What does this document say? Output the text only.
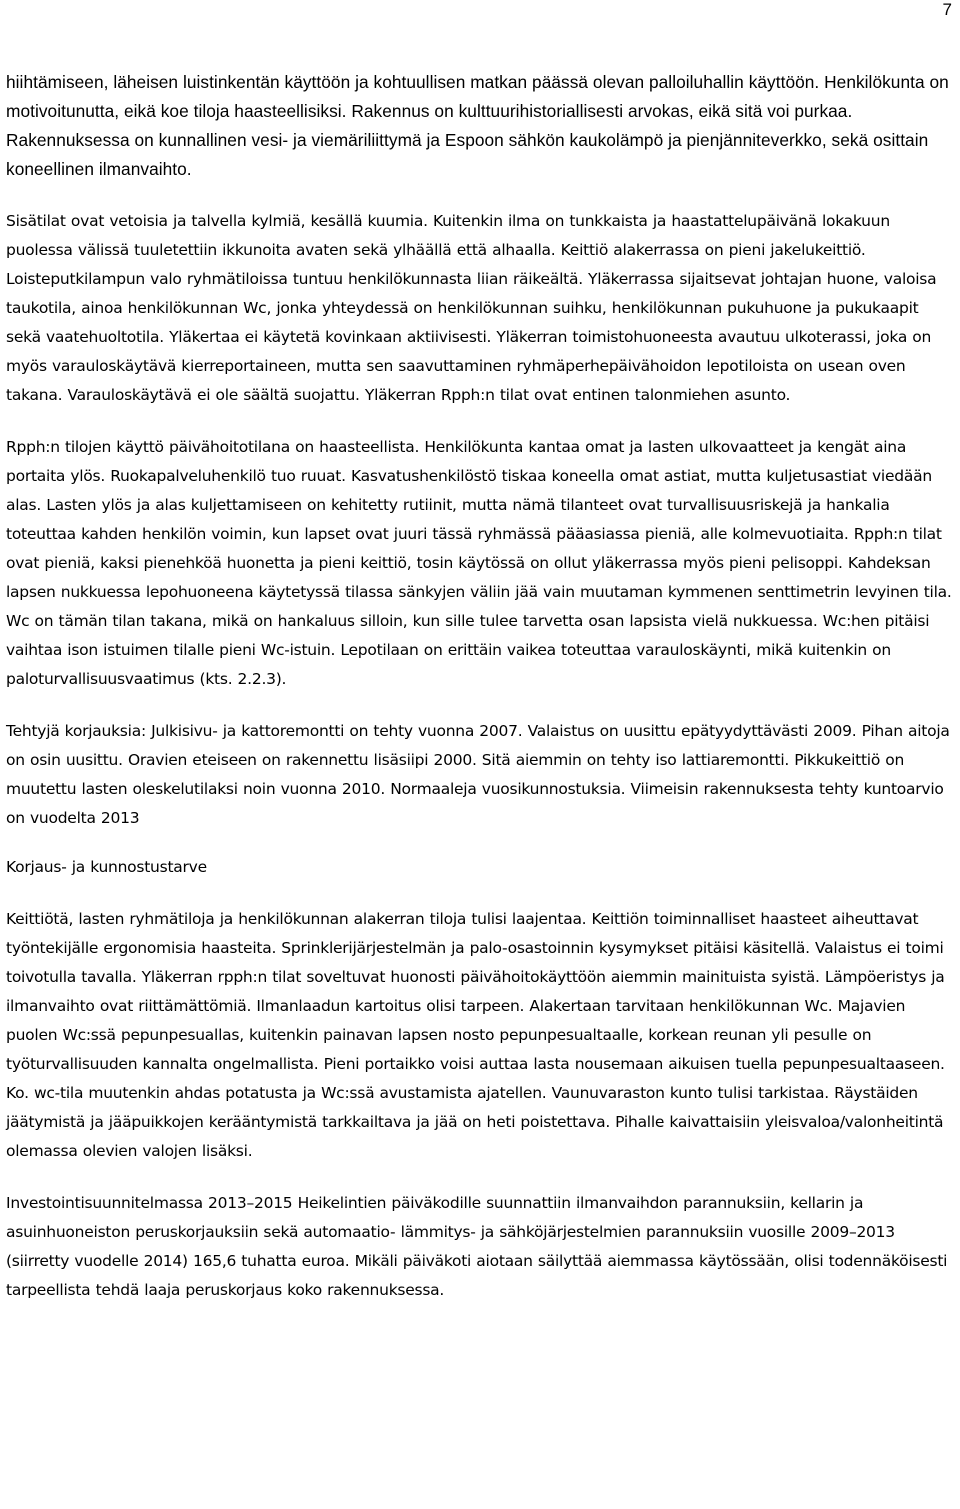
7

hiihtämiseen, läheisen luistinkentän käyttöön ja kohtuullisen matkan päässä olevan palloiluhallin käyttöön. Henkilökunta on motivoitunutta, eikä koe tiloja haasteellisiksi. Rakennus on kulttuurihistoriallisesti arvokas, eikä sitä voi purkaa. Rakennuksessa on kunnallinen vesi- ja viemäriliittymä ja Espoon sähkön kaukolämpö ja pienjänniteverkko, sekä osittain koneellinen ilmanvaihto.

Sisätilat ovat vetoisia ja talvella kylmiä, kesällä kuumia. Kuitenkin ilma on tunkkaista ja haastattelupäivänä lokakuun puolessa välissä tuuletettiin ikkunoita avaten sekä ylhäällä että alhaalla. Keittiö alakerrassa on pieni jakelukeittiö. Loisteputkilampun valo ryhmätiloissa tuntuu henkilökunnasta liian räikeältä. Yläkerrassa sijaitsevat johtajan huone, valoisa taukotila, ainoa henkilökunnan Wc, jonka yhteydessä on henkilökunnan suihku, henkilökunnan pukuhuone ja pukukaapit sekä vaatehuoltotila. Yläkertaa ei käytetä kovinkaan aktiivisesti. Yläkerran toimistohuoneesta avautuu ulkoterassi, joka on myös varauloskäytävä kierreportaineen, mutta sen saavuttaminen ryhmäperhepäivähoidon lepotiloista on usean oven takana. Varauloskäytävä ei ole säältä suojattu. Yläkerran Rpph:n tilat ovat entinen talonmiehen asunto.

Rpph:n tilojen käyttö päivähoitotilana on haasteellista. Henkilökunta kantaa omat ja lasten ulkovaatteet ja kengät aina portaita ylös. Ruokapalveluhenkilö tuo ruuat. Kasvatushenkilöstö tiskaa koneella omat astiat, mutta kuljetusastiat viedään alas. Lasten ylös ja alas kuljettamiseen on kehitetty rutiinit, mutta nämä tilanteet ovat turvallisuusriskejä ja hankalia toteuttaa kahden henkilön voimin, kun lapset ovat juuri tässä ryhmässä pääasiassa pieniä, alle kolmevuotiaita. Rpph:n tilat ovat pieniä, kaksi pienehköä huonetta ja pieni keittiö, tosin käytössä on ollut yläkerrassa myös pieni pelisoppi. Kahdeksan lapsen nukkuessa lepohuoneena käytetyssä tilassa sänkyjen väliin jää vain muutaman kymmenen senttimetrin levyinen tila. Wc on tämän tilan takana, mikä on hankaluus silloin, kun sille tulee tarvetta osan lapsista vielä nukkuessa. Wc:hen pitäisi vaihtaa ison istuimen tilalle pieni Wc-istuin. Lepotilaan on erittäin vaikea toteuttaa varauloskäynti, mikä kuitenkin on paloturvallisuusvaatimus (kts. 2.2.3).

Tehtyjä korjauksia: Julkisivu- ja kattoremontti on tehty vuonna 2007. Valaistus on uusittu epätyydyttävästi 2009. Pihan aitoja on osin uusittu. Oravien eteiseen on rakennettu lisäsiipi 2000. Sitä aiemmin on tehty iso lattiaremontti. Pikkukeittiö on muutettu lasten oleskelutilaksi noin vuonna 2010. Normaaleja vuosikunnostuksia. Viimeisin rakennuksesta tehty kuntoarvio on vuodelta 2013

Korjaus- ja kunnostustarve

Keittiötä, lasten ryhmätiloja ja henkilökunnan alakerran tiloja tulisi laajentaa. Keittiön toiminnalliset haasteet aiheuttavat työntekijälle ergonomisia haasteita. Sprinklerijärjestelmän ja palo-osastoinnin kysymykset pitäisi käsitellä. Valaistus ei toimi toivotulla tavalla. Yläkerran rpph:n tilat soveltuvat huonosti päivähoitokäyttöön aiemmin mainituista syistä. Lämpöeristys ja ilmanvaihto ovat riittämättömiä. Ilmanlaadun kartoitus olisi tarpeen. Alakertaan tarvitaan henkilökunnan Wc. Majavien puolen Wc:ssä pepunpesuallas, kuitenkin painavan lapsen nosto pepunpesualtaalle, korkean reunan yli pesulle on työturvallisuuden kannalta ongelmallista. Pieni portaikko voisi auttaa lasta nousemaan aikuisen tuella pepunpesualtaaseen. Ko. wc-tila muutenkin ahdas potatusta ja Wc:ssä avustamista ajatellen. Vaunuvaraston kunto tulisi tarkistaa. Räystäiden jäätymistä ja jääpuikkojen kerääntymistä tarkkailtava ja jää on heti poistettava. Pihalle kaivattaisiin yleisvaloa/valonheitintä olemassa olevien valojen lisäksi.

Investointisuunnitelmassa 2013–2015 Heikelintien päiväkodille suunnattiin ilmanvaihdon parannuksiin, kellarin ja asuinhuoneiston peruskorjauksiin sekä automaatio- lämmitys- ja sähköjärjestelmien parannuksiin vuosille 2009–2013 (siirretty vuodelle 2014) 165,6 tuhatta euroa. Mikäli päiväkoti aiotaan säilyttää aiemmassa käytössään, olisi todennäköisesti tarpeellista tehdä laaja peruskorjaus koko rakennuksessa.
